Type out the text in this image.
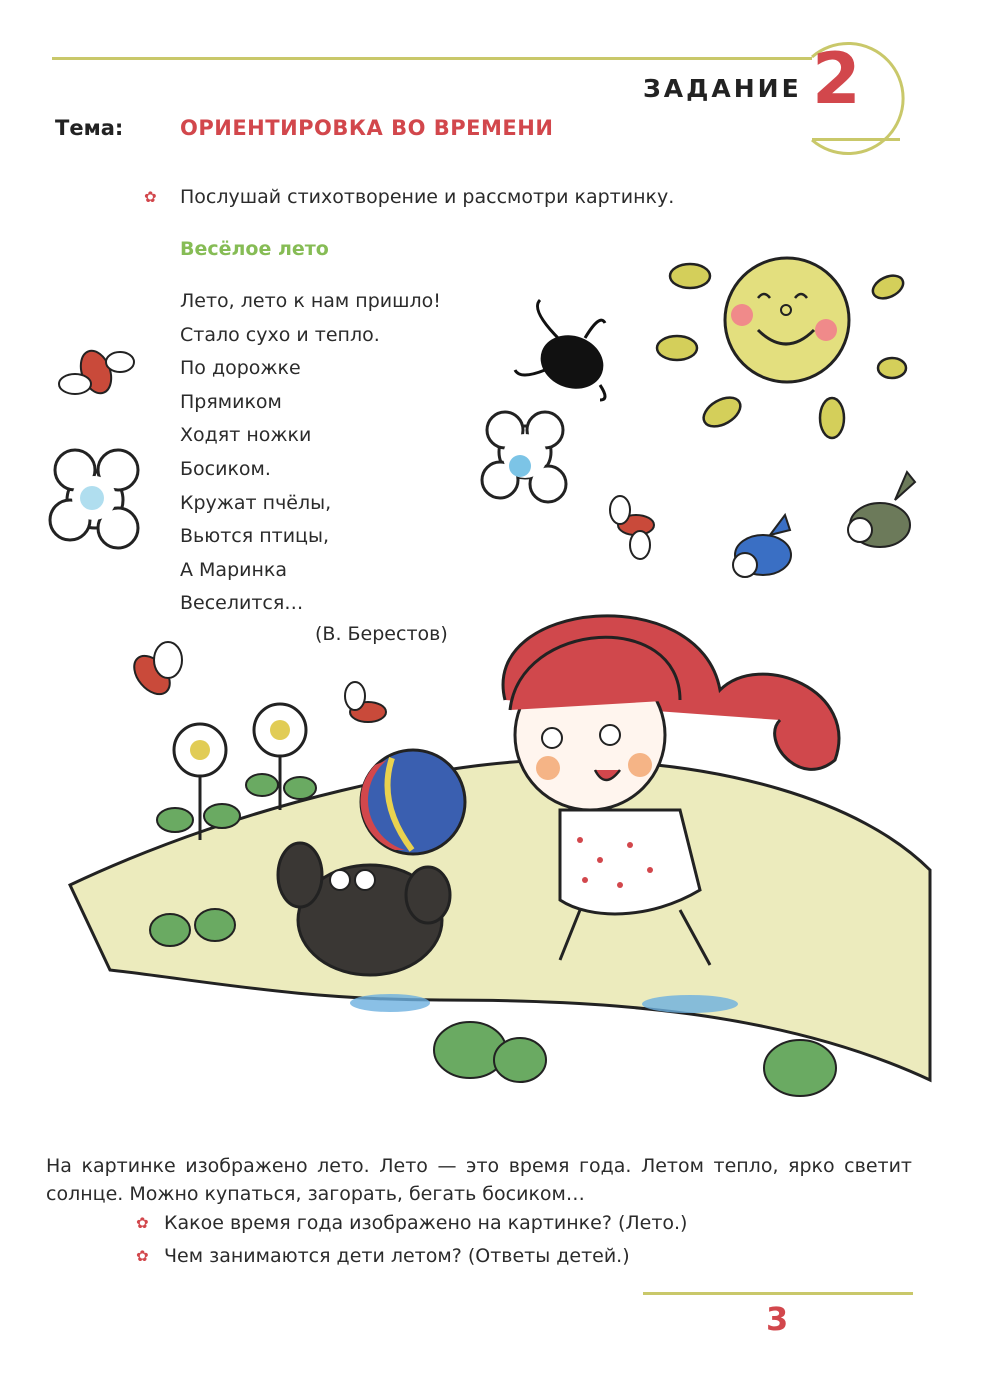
ЗАДАНИЕ 2
Тема:	ОРИЕНТИРОВКА ВО ВРЕМЕНИ
✿ Послушай стихотворение и рассмотри картинку.
Весёлое лето
Лето, лето к нам пришло!
Стало сухо и тепло.
По дорожке
Прямиком
Ходят ножки
Босиком.
Кружат пчёлы,
Вьются птицы,
А Маринка
Веселится…
(В. Берестов)
На картинке изображено лето. Лето — это время года. Летом тепло, ярко светит солнце. Можно купаться, загорать, бегать босиком…
✿ Какое время года изображено на картинке? (Лето.)
✿ Чем занимаются дети летом? (Ответы детей.)
3
